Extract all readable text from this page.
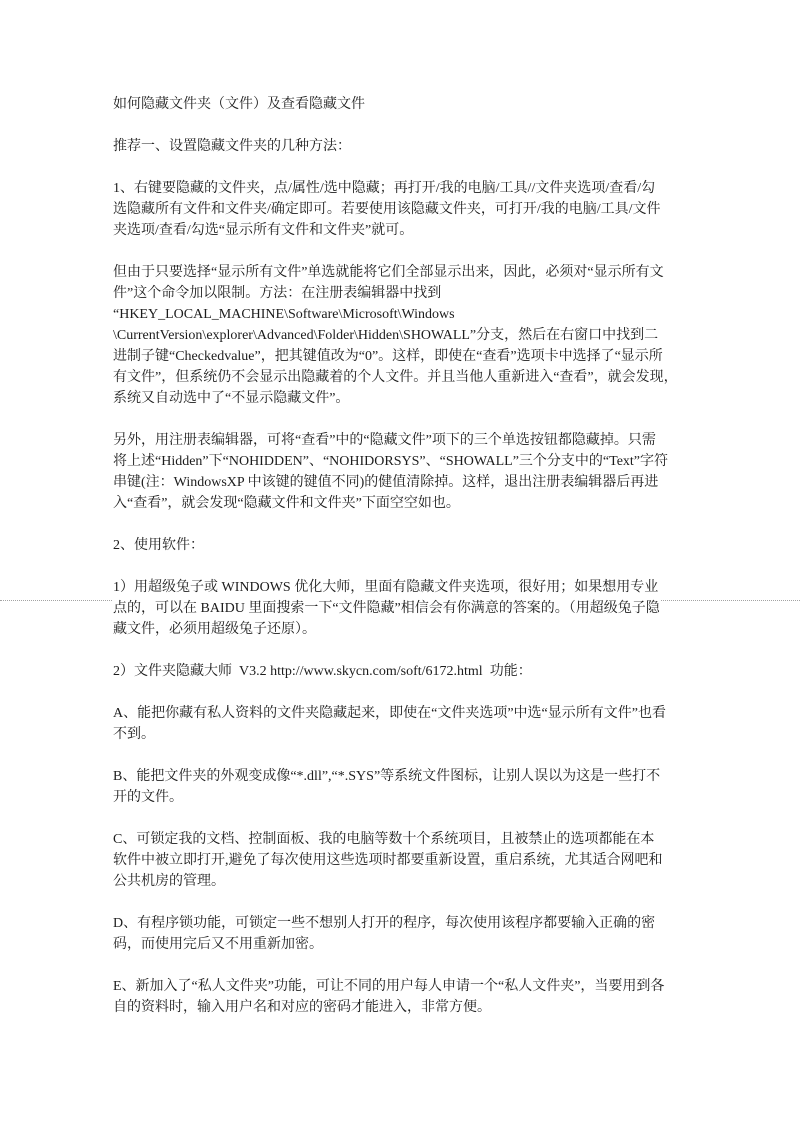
如何隐藏文件夹（文件）及查看隐藏文件
推荐一、设置隐藏文件夹的几种方法：
1、右键要隐藏的文件夹，点/属性/选中隐藏；再打开/我的电脑/工具//文件夹选项/查看/勾
选隐藏所有文件和文件夹/确定即可。若要使用该隐藏文件夹，可打开/我的电脑/工具/文件
夹选项/查看/勾选“显示所有文件和文件夹”就可。
但由于只要选择“显示所有文件”单选就能将它们全部显示出来，因此，必须对“显示所有文
件”这个命令加以限制。方法：在注册表编辑器中找到
“HKEY_LOCAL_MACHINE\Software\Microsoft\Windows
\CurrentVersion\explorer\Advanced\Folder\Hidden\SHOWALL”分支，然后在右窗口中找到二
进制子键“Checkedvalue”，把其键值改为“0”。这样，即使在“查看”选项卡中选择了“显示所
有文件”，但系统仍不会显示出隐藏着的个人文件。并且当他人重新进入“查看”，就会发现，
系统又自动选中了“不显示隐藏文件”。
另外，用注册表编辑器，可将“查看”中的“隐藏文件”项下的三个单选按钮都隐藏掉。只需
将上述“Hidden”下“NOHIDDEN”、“NOHIDORSYS”、“SHOWALL”三个分支中的“Text”字符
串键(注：WindowsXP 中该键的键值不同)的健值清除掉。这样，退出注册表编辑器后再进
入“查看”，就会发现“隐藏文件和文件夹”下面空空如也。
2、使用软件：
1）用超级兔子或 WINDOWS 优化大师，里面有隐藏文件夹选项，很好用；如果想用专业
点的，可以在 BAIDU 里面搜索一下“文件隐藏”相信会有你满意的答案的。（用超级兔子隐
藏文件，必须用超级兔子还原）。
2）文件夹隐藏大师  V3.2 http://www.skycn.com/soft/6172.html  功能：
A、能把你藏有私人资料的文件夹隐藏起来，即使在“文件夹选项”中选“显示所有文件”也看
不到。
B、能把文件夹的外观变成像“*.dll”,“*.SYS”等系统文件图标，让别人误以为这是一些打不
开的文件。
C、可锁定我的文档、控制面板、我的电脑等数十个系统项目，且被禁止的选项都能在本
软件中被立即打开,避免了每次使用这些选项时都要重新设置，重启系统，尤其适合网吧和
公共机房的管理。
D、有程序锁功能，可锁定一些不想别人打开的程序，每次使用该程序都要输入正确的密
码，而使用完后又不用重新加密。
E、新加入了“私人文件夹”功能，可让不同的用户每人申请一个“私人文件夹”，当要用到各
自的资料时，输入用户名和对应的密码才能进入，非常方便。
